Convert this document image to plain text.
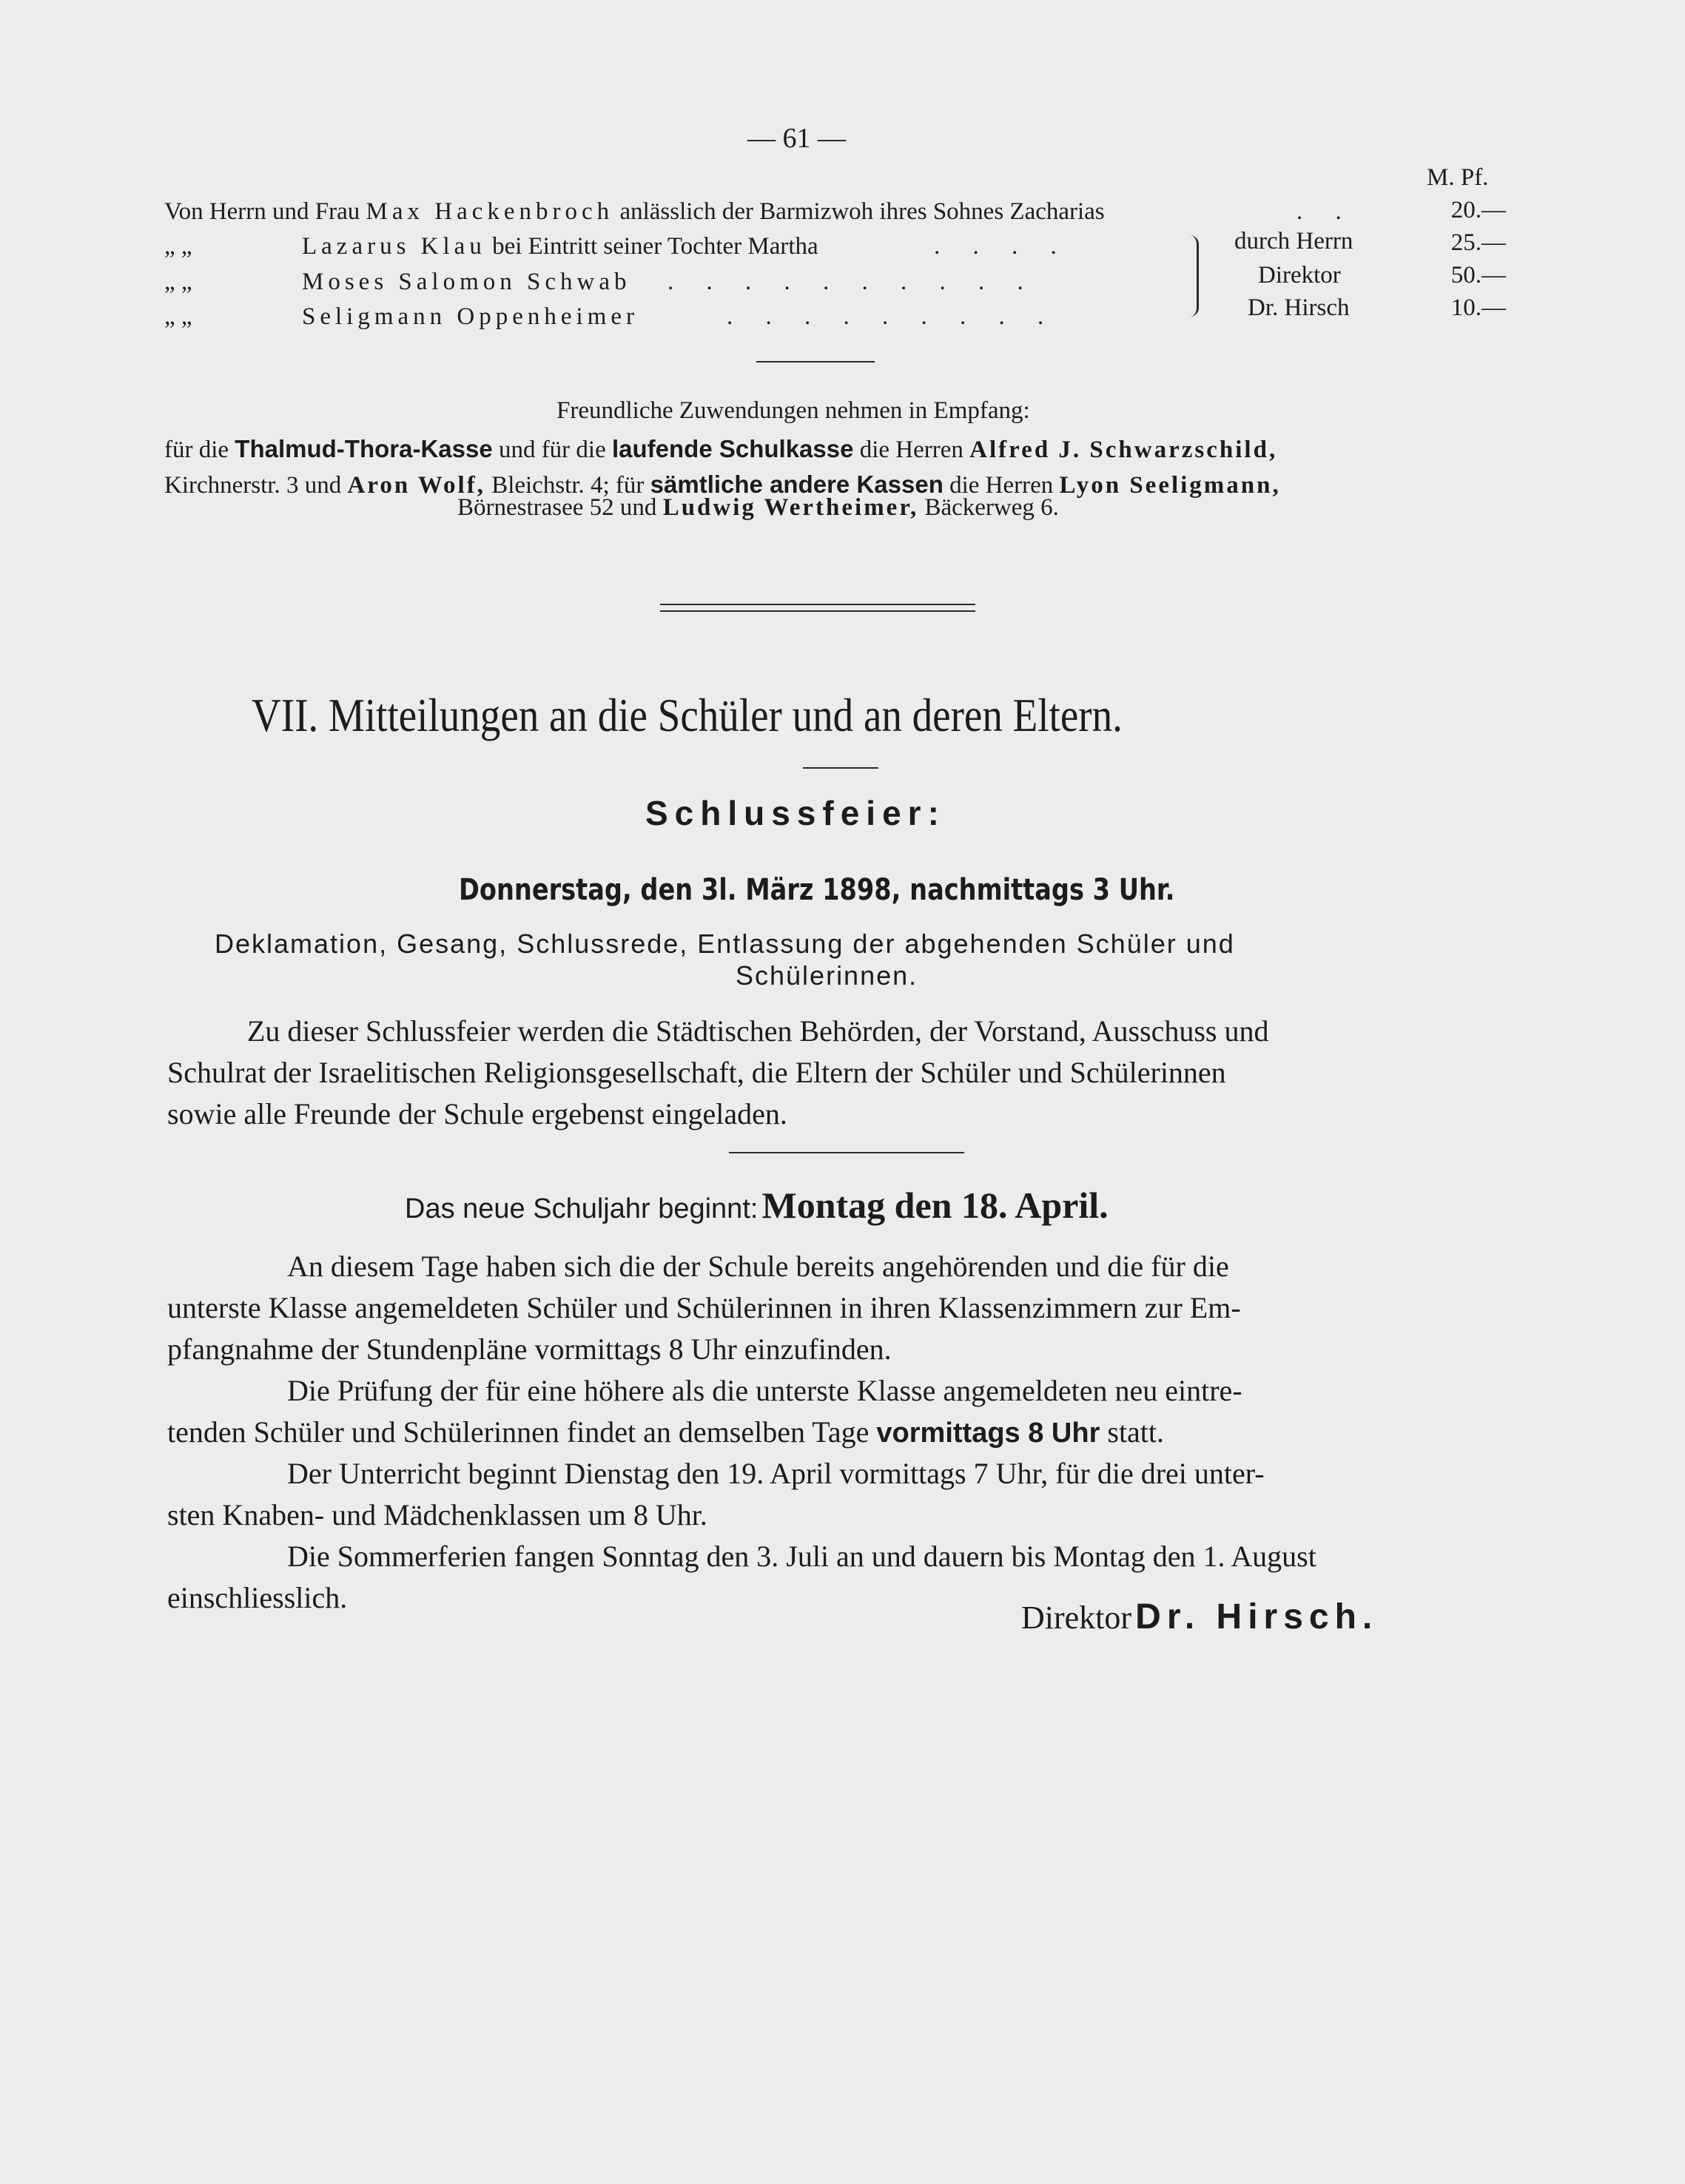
— 61 —
M. Pf.
Von Herrn und Frau Max Hackenbroch anlässlich der Barmizwoh ihres Sohnes Zacharias	. .	20.—
„ „	Lazarus Klau bei Eintritt seiner Tochter Martha	. . . .	25.—
„ „	Moses Salomon Schwab . . . . . . . . . .	50.—
„ „	Seligmann Oppenheimer	. . . . . . . . .	10.—
durch Herrn
Direktor
Dr. Hirsch
Freundliche Zuwendungen nehmen in Empfang:
für die Thalmud-Thora-Kasse und für die laufende Schulkasse die Herren Alfred J. Schwarzschild,
Kirchnerstr. 3 und Aron Wolf, Bleichstr. 4; für sämtliche andere Kassen die Herren Lyon Seeligmann,
Börnestrasee 52 und Ludwig Wertheimer, Bäckerweg 6.
VII. Mitteilungen an die Schüler und an deren Eltern.
Schlussfeier:
Donnerstag, den 3l. März 1898, nachmittags 3 Uhr.
Deklamation, Gesang, Schlussrede, Entlassung der abgehenden Schüler und
Schülerinnen.
Zu dieser Schlussfeier werden die Städtischen Behörden, der Vorstand, Ausschuss und
Schulrat der Israelitischen Religionsgesellschaft, die Eltern der Schüler und Schülerinnen
sowie alle Freunde der Schule ergebenst eingeladen.
Das neue Schuljahr beginnt: Montag den 18. April.
An diesem Tage haben sich die der Schule bereits angehörenden und die für die
unterste Klasse angemeldeten Schüler und Schülerinnen in ihren Klassenzimmern zur Em-
pfangnahme der Stundenpläne vormittags 8 Uhr einzufinden.
Die Prüfung der für eine höhere als die unterste Klasse angemeldeten neu eintre-
tenden Schüler und Schülerinnen findet an demselben Tage vormittags 8 Uhr statt.
Der Unterricht beginnt Dienstag den 19. April vormittags 7 Uhr, für die drei unter-
sten Knaben- und Mädchenklassen um 8 Uhr.
Die Sommerferien fangen Sonntag den 3. Juli an und dauern bis Montag den 1. August
einschliesslich.
Direktor Dr. Hirsch.
